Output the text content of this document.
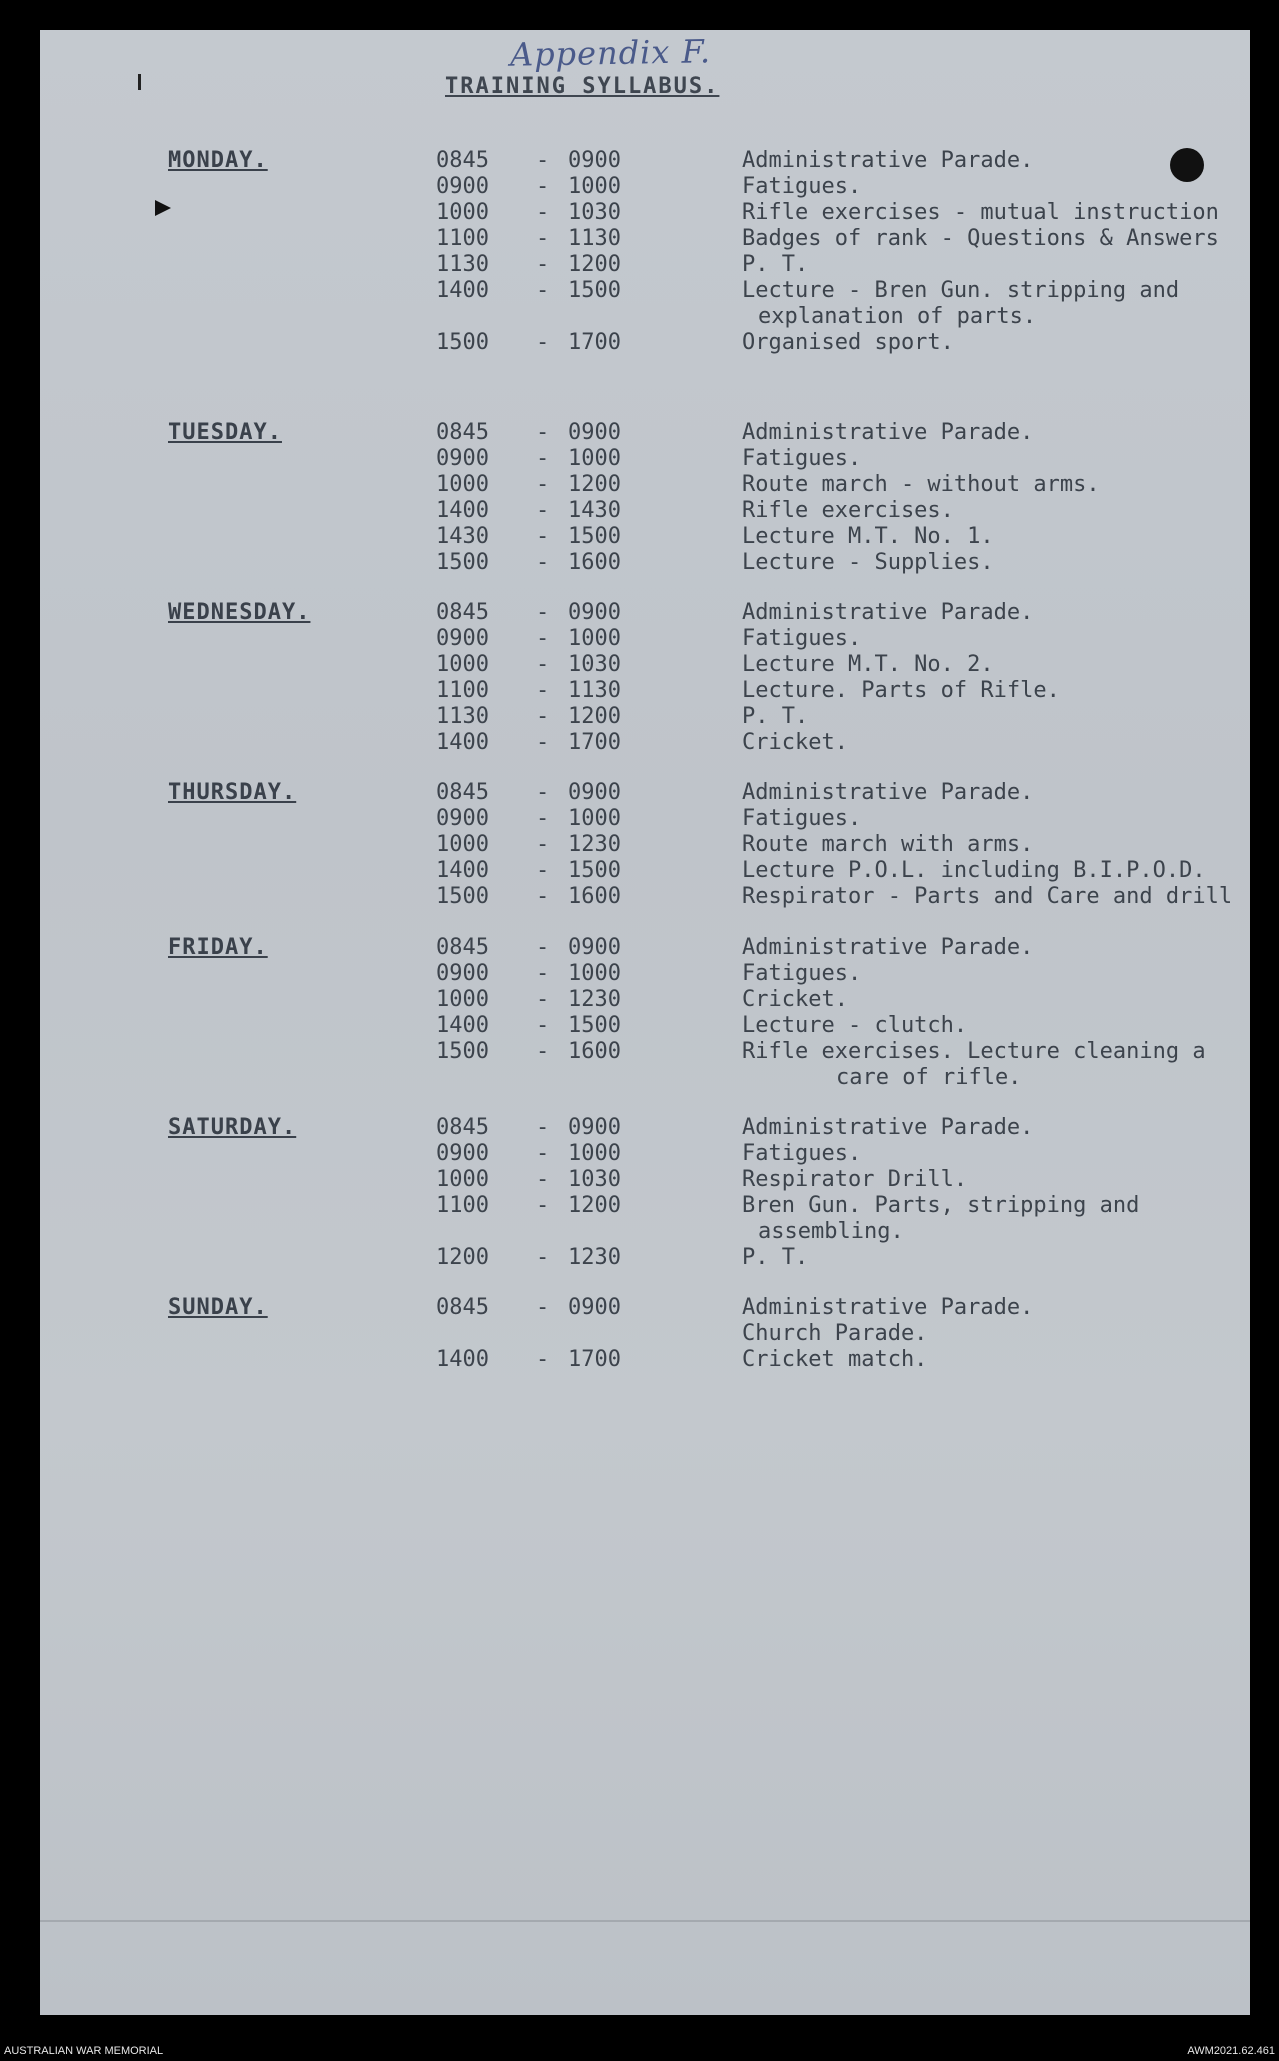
Appendix F.
TRAINING SYLLABUS.
MONDAY.	0845	- 0900	Administrative Parade.
0900	- 1000	Fatigues.
1000	- 1030	Rifle exercises - mutual instruction
1100	- 1130	Badges of rank - Questions & Answers
1130	- 1200	P. T.
1400	- 1500	Lecture - Bren Gun. stripping and
explanation of parts.
1500	- 1700	Organised sport.
TUESDAY.	0845	- 0900	Administrative Parade.
0900	- 1000	Fatigues.
1000	- 1200	Route march - without arms.
1400	- 1430	Rifle exercises.
1430	- 1500	Lecture M.T. No. 1.
1500	- 1600	Lecture - Supplies.
WEDNESDAY.	0845	- 0900	Administrative Parade.
0900	- 1000	Fatigues.
1000	- 1030	Lecture M.T. No. 2.
1100	- 1130	Lecture. Parts of Rifle.
1130	- 1200	P. T.
1400	- 1700	Cricket.
THURSDAY.	0845	- 0900	Administrative Parade.
0900	- 1000	Fatigues.
1000	- 1230	Route march with arms.
1400	- 1500	Lecture P.O.L. including B.I.P.O.D.
1500	- 1600	Respirator - Parts and Care and drill
FRIDAY.	0845	- 0900	Administrative Parade.
0900	- 1000	Fatigues.
1000	- 1230	Cricket.
1400	- 1500	Lecture - clutch.
1500	- 1600	Rifle exercises. Lecture cleaning a
care of rifle.
SATURDAY.	0845	- 0900	Administrative Parade.
0900	- 1000	Fatigues.
1000	- 1030	Respirator Drill.
1100	- 1200	Bren Gun. Parts, stripping and
assembling.
1200	- 1230	P. T.
SUNDAY.	0845	- 0900	Administrative Parade.
Church Parade.
1400	- 1700	Cricket match.
AUSTRALIAN WAR MEMORIAL	AWM2021.62.461
